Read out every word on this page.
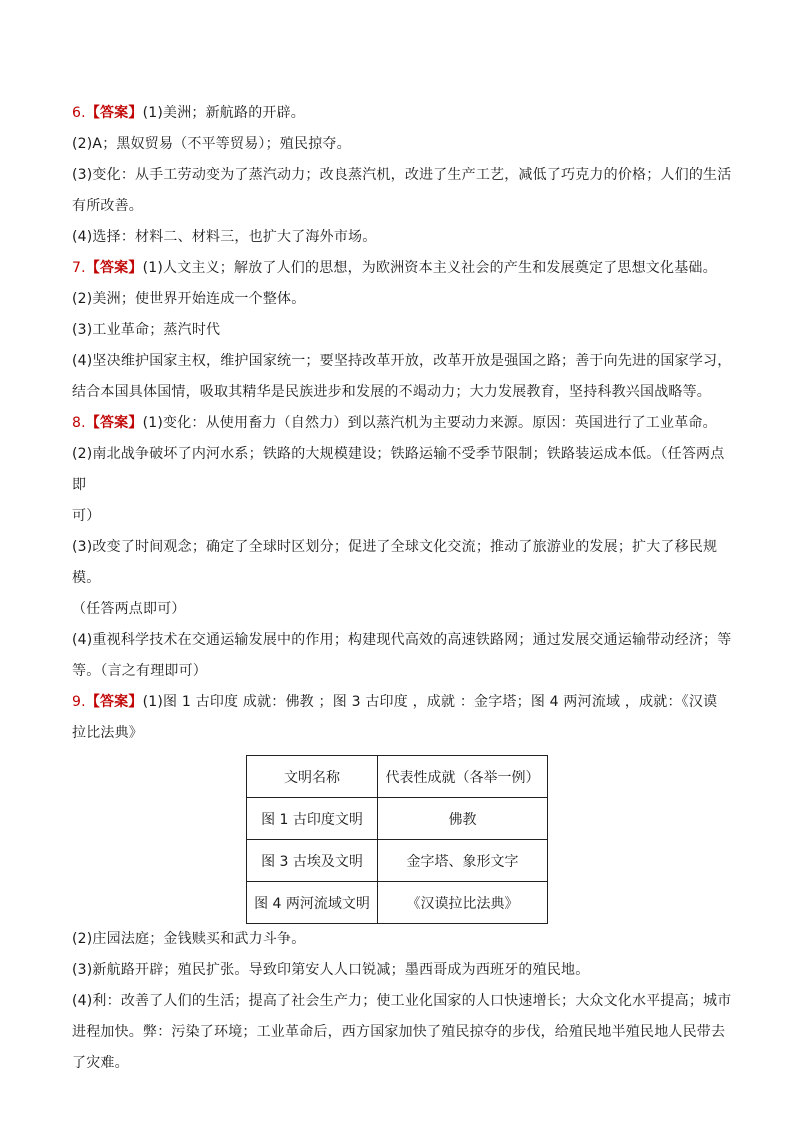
6.【答案】(1)美洲；新航路的开辟。

(2)A；黑奴贸易（不平等贸易）；殖民掠夺。

(3)变化：从手工劳动变为了蒸汽动力；改良蒸汽机，改进了生产工艺，减低了巧克力的价格；人们的生活

有所改善。

(4)选择：材料二、材料三，也扩大了海外市场。

7.【答案】(1)人文主义；解放了人们的思想，为欧洲资本主义社会的产生和发展奠定了思想文化基础。

(2)美洲；使世界开始连成一个整体。

(3)工业革命；蒸汽时代

(4)坚决维护国家主权，维护国家统一；要坚持改革开放，改革开放是强国之路；善于向先进的国家学习，

结合本国具体国情，吸取其精华是民族进步和发展的不竭动力；大力发展教育，坚持科教兴国战略等。

8.【答案】(1)变化：从使用畜力（自然力）到以蒸汽机为主要动力来源。原因：英国进行了工业革命。

(2)南北战争破坏了内河水系；铁路的大规模建设；铁路运输不受季节限制；铁路装运成本低。（任答两点即

可）

(3)改变了时间观念；确定了全球时区划分；促进了全球文化交流；推动了旅游业的发展；扩大了移民规模。

（任答两点即可）

(4)重视科学技术在交通运输发展中的作用；构建现代高效的高速铁路网；通过发展交通运输带动经济；等

等。（言之有理即可）

9.【答案】(1)图 1 古印度 成就：佛教 ；图 3 古印度 ，成就 ：金字塔；图 4 两河流域 ，成就：《汉谟

拉比法典》

文明名称	代表性成就（各举一例）
图 1 古印度文明	佛教
图 3 古埃及文明	金字塔、象形文字
图 4 两河流域文明	《汉谟拉比法典》

(2)庄园法庭；金钱赎买和武力斗争。

(3)新航路开辟；殖民扩张。导致印第安人人口锐减；墨西哥成为西班牙的殖民地。

(4)利：改善了人们的生活；提高了社会生产力；使工业化国家的人口快速增长；大众文化水平提高；城市

进程加快。弊：污染了环境；工业革命后，西方国家加快了殖民掠夺的步伐，给殖民地半殖民地人民带去

了灾难。
